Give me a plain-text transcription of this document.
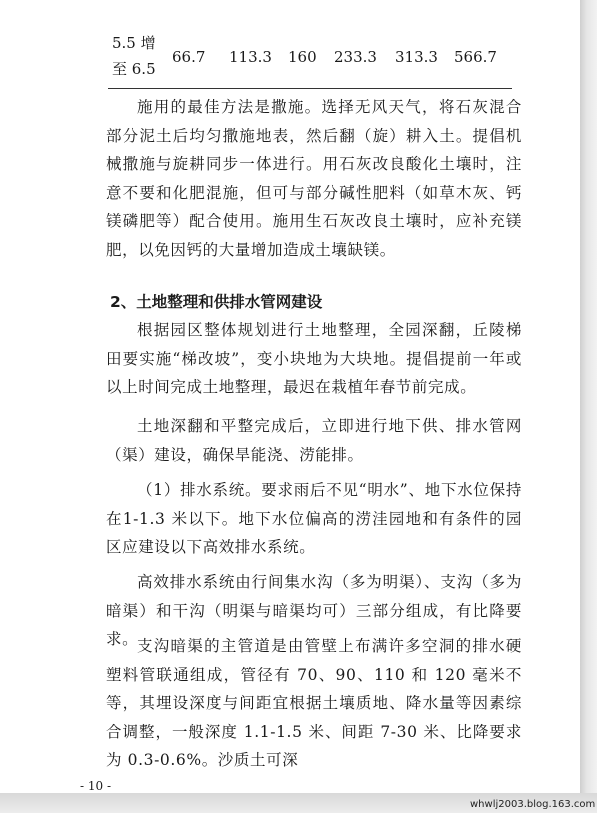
5.5 增
至 6.5
66.7 113.3 160 233.3 313.3 566.7

施用的最佳方法是撒施。选择无风天气，将石灰混合部分泥土后均匀撒施地表，然后翻（旋）耕入土。提倡机械撒施与旋耕同步一体进行。用石灰改良酸化土壤时，注意不要和化肥混施，但可与部分碱性肥料（如草木灰、钙镁磷肥等）配合使用。施用生石灰改良土壤时，应补充镁肥，以免因钙的大量增加造成土壤缺镁。

2、土地整理和供排水管网建设

根据园区整体规划进行土地整理，全园深翻，丘陵梯田要实施“梯改坡”，变小块地为大块地。提倡提前一年或以上时间完成土地整理，最迟在栽植年春节前完成。

土地深翻和平整完成后，立即进行地下供、排水管网（渠）建设，确保旱能浇、涝能排。

（1）排水系统。要求雨后不见“明水”、地下水位保持在1-1.3 米以下。地下水位偏高的涝洼园地和有条件的园区应建设以下高效排水系统。

高效排水系统由行间集水沟（多为明渠）、支沟（多为暗渠）和干沟（明渠与暗渠均可）三部分组成，有比降要求。

支沟暗渠的主管道是由管壁上布满许多空洞的排水硬塑料管联通组成，管径有 70、90、110 和 120 毫米不等，其埋设深度与间距宜根据土壤质地、降水量等因素综合调整，一般深度 1.1-1.5 米、间距 7-30 米、比降要求为 0.3-0.6%。沙质土可深

- 10 -
whwlj2003.blog.163.com
